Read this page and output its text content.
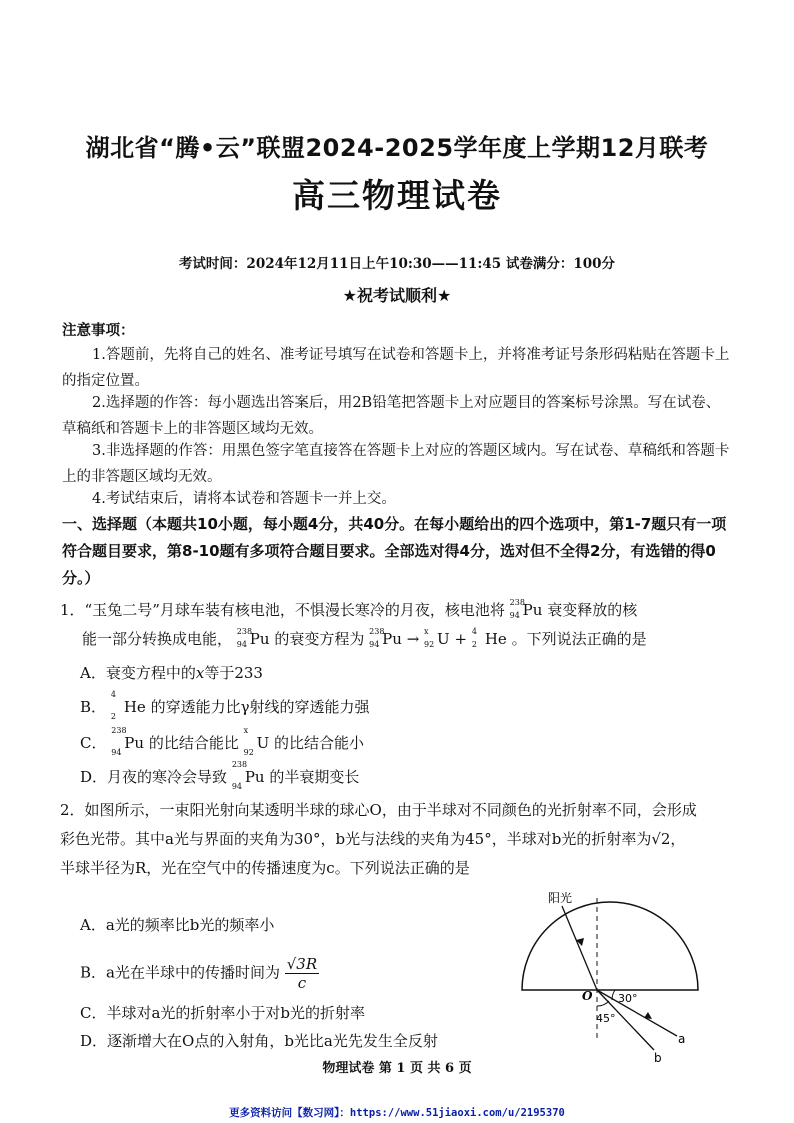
湖北省“腾•云”联盟2024-2025学年度上学期12月联考
高三物理试卷
考试时间：2024年12月11日上午10:30——11:45 试卷满分：100分
★祝考试顺利★
注意事项：
1.答题前，先将自己的姓名、准考证号填写在试卷和答题卡上，并将准考证号条形码粘贴在答题卡上的指定位置。
2.选择题的作答：每小题选出答案后，用2B铅笔把答题卡上对应题目的答案标号涂黑。写在试卷、草稿纸和答题卡上的非答题区域均无效。
3.非选择题的作答：用黑色签字笔直接答在答题卡上对应的答题区域内。写在试卷、草稿纸和答题卡上的非答题区域均无效。
4.考试结束后，请将本试卷和答题卡一并上交。
一、选择题（本题共10小题，每小题4分，共40分。在每小题给出的四个选项中，第1-7题只有一项符合题目要求，第8-10题有多项符合题目要求。全部选对得4分，选对但不全得2分，有选错的得0分。）
1．“玉兔二号”月球车装有核电池，不惧漫长寒冷的月夜，核电池将 238
94 Pu 衰变释放的核
能一部分转换成电能， 238
94 Pu 的衰变方程为 238
94 Pu → x
92 U + 4
2 He 。下列说法正确的是
A．衰变方程中的x等于233
B．
4
2
He 的穿透能力比γ射线的穿透能力强
C．
238
94
Pu 的比结合能比
x
92
U 的比结合能小
D．月夜的寒冷会导致
238
94
Pu 的半衰期变长
2．如图所示，一束阳光射向某透明半球的球心O，由于半球对不同颜色的光折射率不同，会形成彩色光带。其中a光与界面的夹角为30°，b光与法线的夹角为45°，半球对b光的折射率为√2，半球半径为R，光在空气中的传播速度为c。下列说法正确的是
A．a光的频率比b光的频率小
B．a光在半球中的传播时间为 $\frac{√3R}{c}$
C．半球对a光的折射率小于对b光的折射率
D．逐渐增大在O点的入射角，b光比a光先发生全反射
阳光
O 30°
45°
a
b
物理试卷 第 1 页 共 6 页
更多资料访问【数习网】：https://www.51jiaoxi.com/u/2195370
